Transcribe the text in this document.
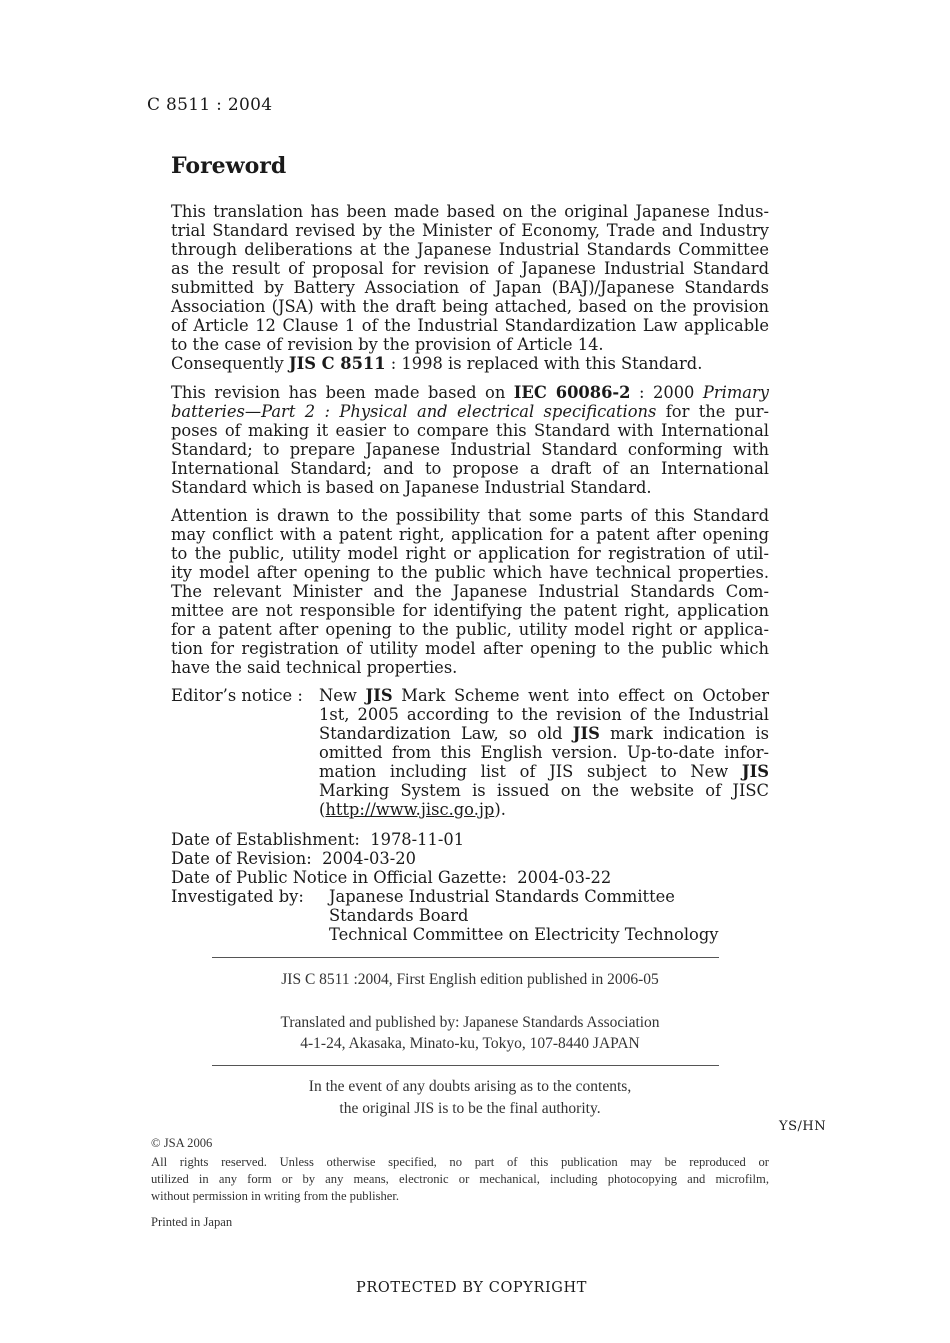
C 8511 : 2004
Foreword
This translation has been made based on the original Japanese Indus-
trial Standard revised by the Minister of Economy, Trade and Industry
through deliberations at the Japanese Industrial Standards Committee
as the result of proposal for revision of Japanese Industrial Standard
submitted by Battery Association of Japan (BAJ)/Japanese Standards
Association (JSA) with the draft being attached, based on the provision
of Article 12 Clause 1 of the Industrial Standardization Law applicable
to the case of revision by the provision of Article 14.
Consequently JIS C 8511 : 1998 is replaced with this Standard.
This revision has been made based on IEC 60086-2 : 2000 Primary
batteries—Part 2 : Physical and electrical specifications for the pur-
poses of making it easier to compare this Standard with International
Standard; to prepare Japanese Industrial Standard conforming with
International Standard; and to propose a draft of an International
Standard which is based on Japanese Industrial Standard.
Attention is drawn to the possibility that some parts of this Standard
may conflict with a patent right, application for a patent after opening
to the public, utility model right or application for registration of util-
ity model after opening to the public which have technical properties.
The relevant Minister and the Japanese Industrial Standards Com-
mittee are not responsible for identifying the patent right, application
for a patent after opening to the public, utility model right or applica-
tion for registration of utility model after opening to the public which
have the said technical properties.
Editor’s notice : New JIS Mark Scheme went into effect on October
1st, 2005 according to the revision of the Industrial
Standardization Law, so old JIS mark indication is
omitted from this English version. Up-to-date infor-
mation including list of JIS subject to New JIS
Marking System is issued on the website of JISC
(http://www.jisc.go.jp).
Date of Establishment:  1978-11-01
Date of Revision:  2004-03-20
Date of Public Notice in Official Gazette:  2004-03-22
Investigated by: Japanese Industrial Standards Committee
Standards Board
Technical Committee on Electricity Technology
JIS C 8511 :2004, First English edition published in 2006-05
Translated and published by: Japanese Standards Association
4-1-24, Akasaka, Minato-ku, Tokyo, 107-8440 JAPAN
In the event of any doubts arising as to the contents,
the original JIS is to be the final authority.
YS/HN
© JSA 2006
All rights reserved. Unless otherwise specified, no part of this publication may be reproduced or
utilized in any form or by any means, electronic or mechanical, including photocopying and microfilm,
without permission in writing from the publisher.
Printed in Japan
PROTECTED BY COPYRIGHT
